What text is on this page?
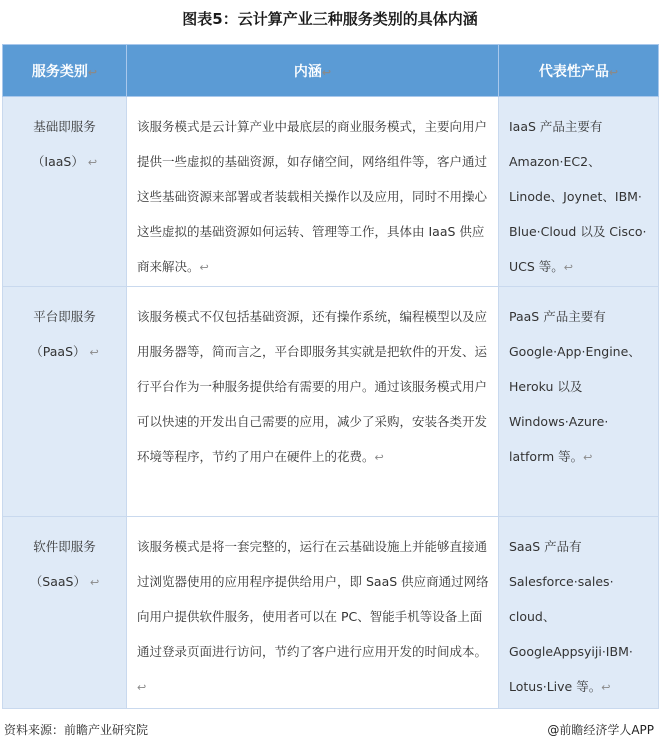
图表5：云计算产业三种服务类别的具体内涵
服务类别↩	内涵↩	代表性产品↩

基础即服务
（IaaS） ↩	该服务模式是云计算产业中最底层的商业服务模式，主要向用户提供一些虚拟的基础资源，如存储空间，网络组件等，客户通过这些基础资源来部署或者装载相关操作以及应用，同时不用操心这些虚拟的基础资源如何运转、管理等工作，具体由 IaaS 供应商来解决。↩	IaaS 产品主要有
Amazon·EC2、
Linode、Joynet、IBM·
Blue·Cloud 以及 Cisco·
UCS 等。↩

平台即服务
（PaaS） ↩	该服务模式不仅包括基础资源，还有操作系统，编程模型以及应用服务器等，简而言之，平台即服务其实就是把软件的开发、运行平台作为一种服务提供给有需要的用户。通过该服务模式用户可以快速的开发出自己需要的应用，减少了采购，安装各类开发环境等程序，节约了用户在硬件上的花费。↩	PaaS 产品主要有
Google·App·Engine、
Heroku 以及
Windows·Azure·
latform 等。↩

软件即服务
（SaaS） ↩	该服务模式是将一套完整的，运行在云基础设施上并能够直接通过浏览器使用的应用程序提供给用户，即 SaaS 供应商通过网络向用户提供软件服务，使用者可以在 PC、智能手机等设备上面通过登录页面进行访问，节约了客户进行应用开发的时间成本。↩	SaaS 产品有
Salesforce·sales·
cloud、
GoogleAppsyiji·IBM·
Lotus·Live 等。↩
资料来源：前瞻产业研究院	@前瞻经济学人APP
